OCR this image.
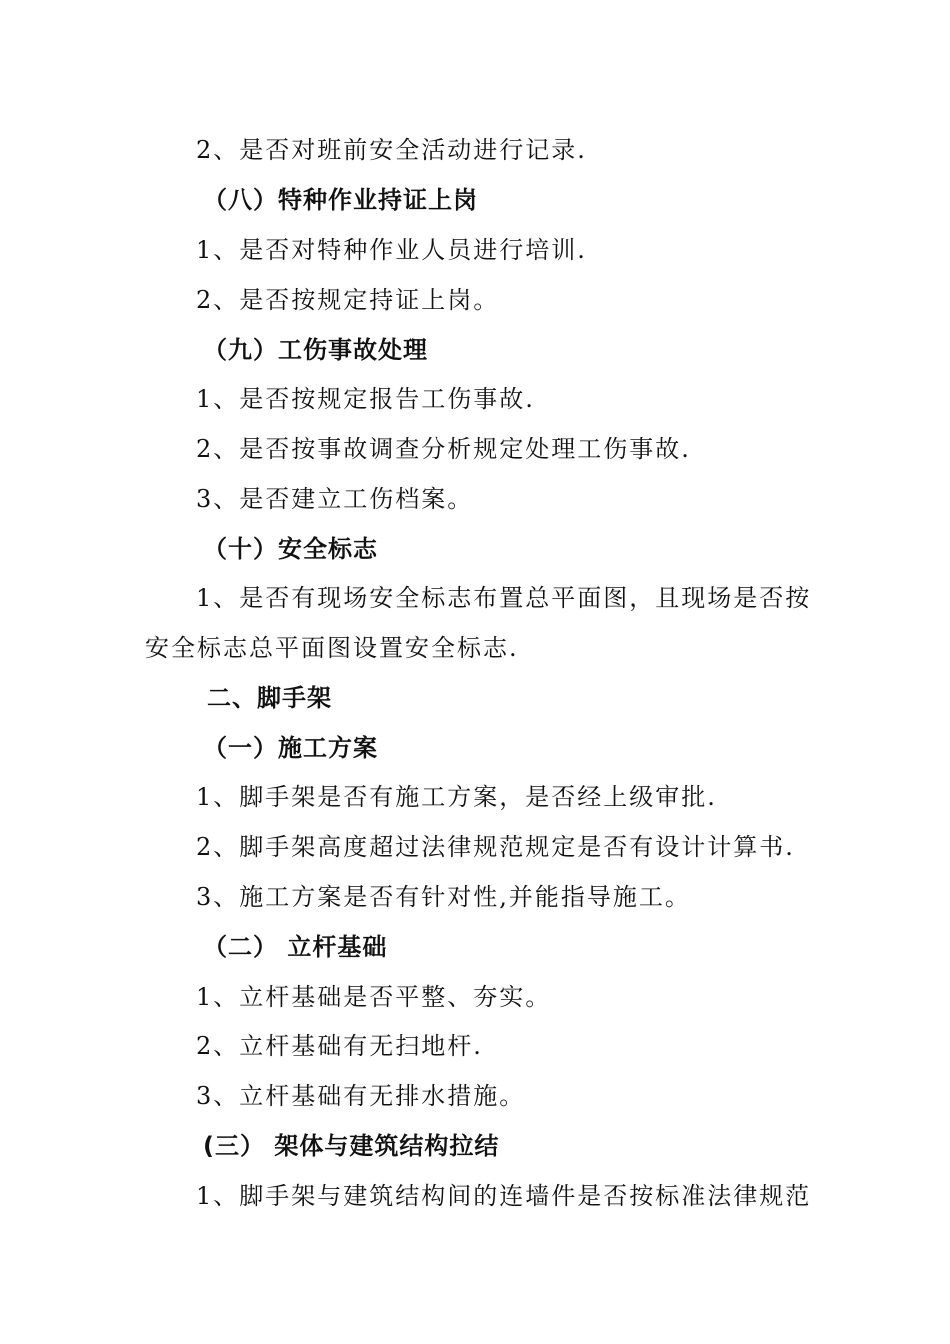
2、是否对班前安全活动进行记录.
（八）特种作业持证上岗
1、是否对特种作业人员进行培训.
2、是否按规定持证上岗。
（九）工伤事故处理
1、是否按规定报告工伤事故.
2、是否按事故调查分析规定处理工伤事故.
3、是否建立工伤档案。
（十）安全标志
1、是否有现场安全标志布置总平面图，且现场是否按
安全标志总平面图设置安全标志.
二、脚手架
（一）施工方案
1、脚手架是否有施工方案，是否经上级审批.
2、脚手架高度超过法律规范规定是否有设计计算书.
3、施工方案是否有针对性,并能指导施工。
（二） 立杆基础
1、立杆基础是否平整、夯实。
2、立杆基础有无扫地杆.
3、立杆基础有无排水措施。
(三） 架体与建筑结构拉结
1、脚手架与建筑结构间的连墙件是否按标准法律规范
